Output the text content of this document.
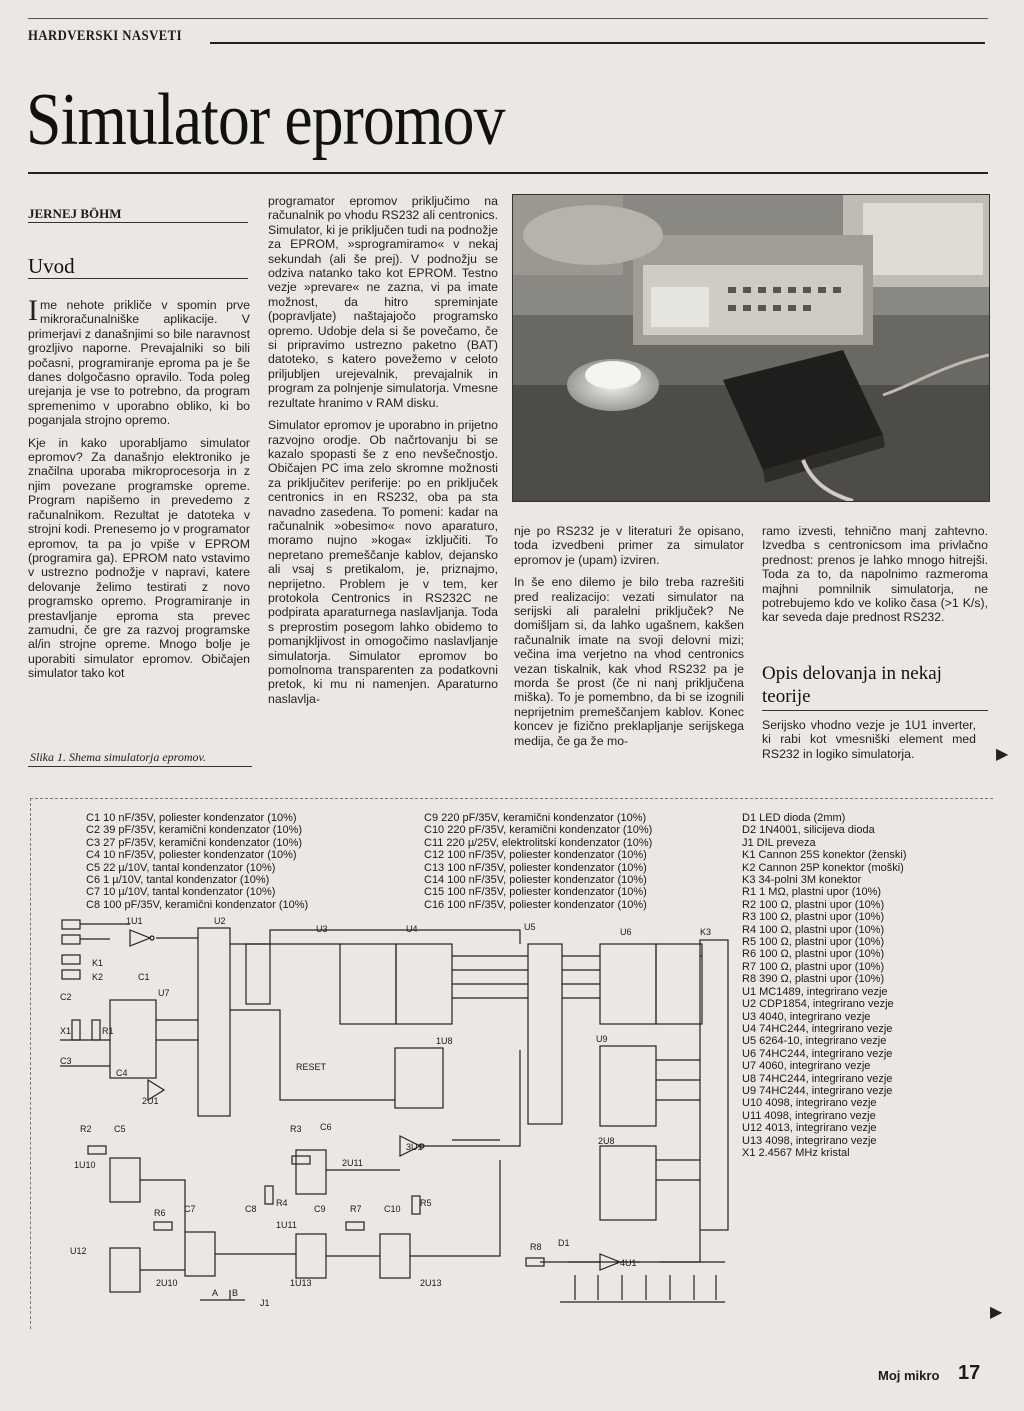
HARDVERSKI NASVETI
Simulator epromov
JERNEJ BÖHM
Uvod

Ime nehote prikliče v spomin prve mikroračunalniške aplikacije. V primerjavi z današnjimi so bile naravnost grozljivo naporne. Prevajalniki so bili počasni, programiranje eproma pa je še danes dolgočasno opravilo. Toda poleg urejanja je vse to potrebno, da program spremenimo v uporabno obliko, ki bo poganjala strojno opremo.

Kje in kako uporabljamo simulator epromov? Za današnjo elektroniko je značilna uporaba mikroprocesorja in z njim povezane programske opreme. Program napišemo in prevedemo z računalnikom. Rezultat je datoteka v strojni kodi. Prenesemo jo v programator epromov, ta pa jo vpiše v EPROM (programira ga). EPROM nato vstavimo v ustrezno podnožje v napravi, katere delovanje želimo testirati z novo programsko opremo. Programiranje in prestavljanje eproma sta prevec zamudni, če gre za razvoj programske al/in strojne opreme. Mnogo bolje je uporabiti simulator epromov. Običajen simulator tako kot

Slika 1. Shema simulatorja epromov.

programator epromov priključimo na računalnik po vhodu RS232 ali centronics. Simulator, ki je priključen tudi na podnožje za EPROM, »sprogramiramo« v nekaj sekundah (ali še prej). V podnožju se odziva natanko tako kot EPROM. Testno vezje »prevare« ne zazna, vi pa imate možnost, da hitro spreminjate (popravljate) naštajajočo programsko opremo. Udobje dela si še povečamo, če si pripravimo ustrezno paketno (BAT) datoteko, s katero povežemo v celoto priljubljen urejevalnik, prevajalnik in program za polnjenje simulatorja. Vmesne rezultate hranimo v RAM disku.

Simulator epromov je uporabno in prijetno razvojno orodje. Ob načrtovanju bi se kazalo spopasti še z eno nevšečnostjo. Običajen PC ima zelo skromne možnosti za priključitev periferije: po en priključek centronics in en RS232, oba pa sta navadno zasedena. To pomeni: kadar na računalnik »obesimo« novo aparaturo, moramo nujno »koga« izključiti. To nepretano premeščanje kablov, dejansko ali vsaj s pretikalom, je, priznajmo, neprijetno. Problem je v tem, ker protokola Centronics in RS232C ne podpirata aparaturnega naslavljanja. Toda s preprostim posegom lahko obidemo to pomanjkljivost in omogočimo naslavljanje simulatorja. Simulator epromov bo pomolnoma transparenten za podatkovni pretok, ki mu ni namenjen. Aparaturno naslavlja-

nje po RS232 je v literaturi že opisano, toda izvedbeni primer za simulator epromov je (upam) izviren.

In še eno dilemo je bilo treba razrešiti pred realizacijo: vezati simulator na serijski ali paralelni priključek? Ne domišljam si, da lahko ugašnem, kakšen računalnik imate na svoji delovni mizi; večina ima verjetno na vhod centronics vezan tiskalnik, kak vhod RS232 pa je morda še prost (če ni nanj priključena miška). To je pomembno, da bi se izognili neprijetnim premeščanjem kablov. Konec koncev je fizično preklapljanje serijskega medija, če ga že mo-

ramo izvesti, tehnično manj zahtevno. Izvedba s centronicsom ima privlačno prednost: prenos je lahko mnogo hitrejši. Toda za to, da napolnimo razmeroma majhni pomnilnik simulatorja, ne potrebujemo kdo ve koliko časa (>1 K/s), kar seveda daje prednost RS232.

Opis delovanja in nekaj teorije
Serijsko vhodno vezje je 1U1 inverter, ki rabi kot vmesniški element med RS232 in logiko simulatorja.	▶
C1 10 nF/35V, poliester kondenzator (10%)
C2 39 pF/35V, keramični kondenzator (10%)
C3 27 pF/35V, keramični kondenzator (10%)
C4 10 nF/35V, poliester kondenzator (10%)
C5 22 µ/10V, tantal kondenzator (10%)
C6 1 µ/10V, tantal kondenzator (10%)
C7 10 µ/10V, tantal kondenzator (10%)
C8 100 pF/35V, keramični kondenzator (10%)
C9 220 pF/35V, keramični kondenzator (10%)
C10 220 pF/35V, keramični kondenzator (10%)
C11 220 µ/25V, elektrolitski kondenzator (10%)
C12 100 nF/35V, poliester kondenzator (10%)
C13 100 nF/35V, poliester kondenzator (10%)
C14 100 nF/35V, poliester kondenzator (10%)
C15 100 nF/35V, poliester kondenzator (10%)
C16 100 nF/35V, poliester kondenzator (10%)
D1 LED dioda (2mm)
D2 1N4001, silicijeva dioda
J1 DIL preveza
K1 Cannon 25S konektor (ženski)
K2 Cannon 25P konektor (moški)
K3 34-polni 3M konektor
R1 1 MΩ, plastni upor (10%)
R2 100 Ω, plastni upor (10%)
R3 100 Ω, plastni upor (10%)
R4 100 Ω, plastni upor (10%)
R5 100 Ω, plastni upor (10%)
R6 100 Ω, plastni upor (10%)
R7 100 Ω, plastni upor (10%)
R8 390 Ω, plastni upor (10%)
U1 MC1489, integrirano vezje
U2 CDP1854, integrirano vezje
U3 4040, integrirano vezje
U4 74HC244, integrirano vezje
U5 6264-10, integrirano vezje
U6 74HC244, integrirano vezje
U7 4060, integrirano vezje
U8 74HC244, integrirano vezje
U9 74HC244, integrirano vezje
U10 4098, integrirano vezje
U11 4098, integrirano vezje
U12 4013, integrirano vezje
U13 4098, integrirano vezje
X1 2.4567 MHz kristal
1U1	U2
U3	U4	U5	U6	K3
U7
1U8	U9
2U8
K1
K2	C1
C2
C3
X1	R1
C4
R2 C5
1U10
R3 C6
2U11
3U1
R4	R5
R6 C7	C8	C9	R7 C10
1U11
U12
2U10	1U13	2U13
R8 D1
4U1
A B
J1
RESET
2U1
▶
Moj mikro 17
